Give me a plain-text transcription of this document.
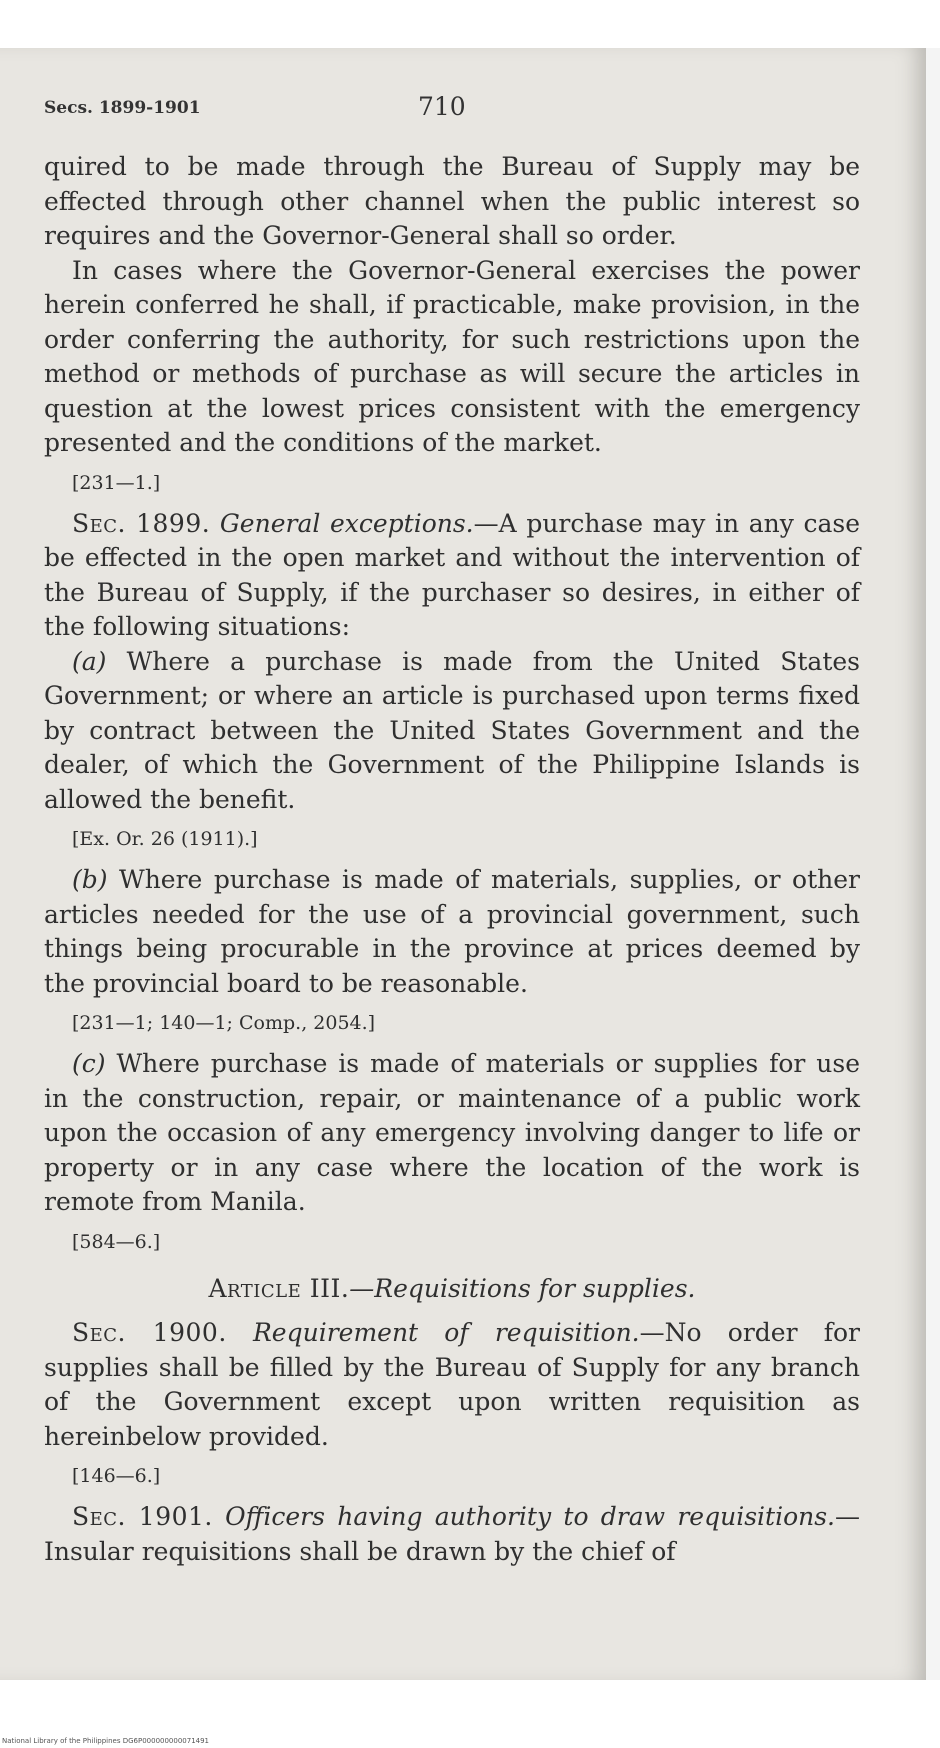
Secs. 1899-1901	710

quired to be made through the Bureau of Supply may be effected through other channel when the public interest so requires and the Governor-General shall so order.

In cases where the Governor-General exercises the power herein conferred he shall, if practicable, make provision, in the order conferring the authority, for such restrictions upon the method or methods of purchase as will secure the articles in question at the lowest prices consistent with the emergency presented and the conditions of the market.

[231—1.]

Sec. 1899. General exceptions.—A purchase may in any case be effected in the open market and without the intervention of the Bureau of Supply, if the purchaser so desires, in either of the following situations:

(a) Where a purchase is made from the United States Government; or where an article is purchased upon terms fixed by contract between the United States Government and the dealer, of which the Government of the Philippine Islands is allowed the benefit.

[Ex. Or. 26 (1911).]

(b) Where purchase is made of materials, supplies, or other articles needed for the use of a provincial government, such things being procurable in the province at prices deemed by the provincial board to be reasonable.

[231—1; 140—1; Comp., 2054.]

(c) Where purchase is made of materials or supplies for use in the construction, repair, or maintenance of a public work upon the occasion of any emergency involving danger to life or property or in any case where the location of the work is remote from Manila.

[584—6.]

Article III.—Requisitions for supplies.

Sec. 1900. Requirement of requisition.—No order for supplies shall be filled by the Bureau of Supply for any branch of the Government except upon written requisition as hereinbelow provided.

[146—6.]

Sec. 1901. Officers having authority to draw requisitions.—Insular requisitions shall be drawn by the chief of

National Library of the Philippines DG6P000000000071491
